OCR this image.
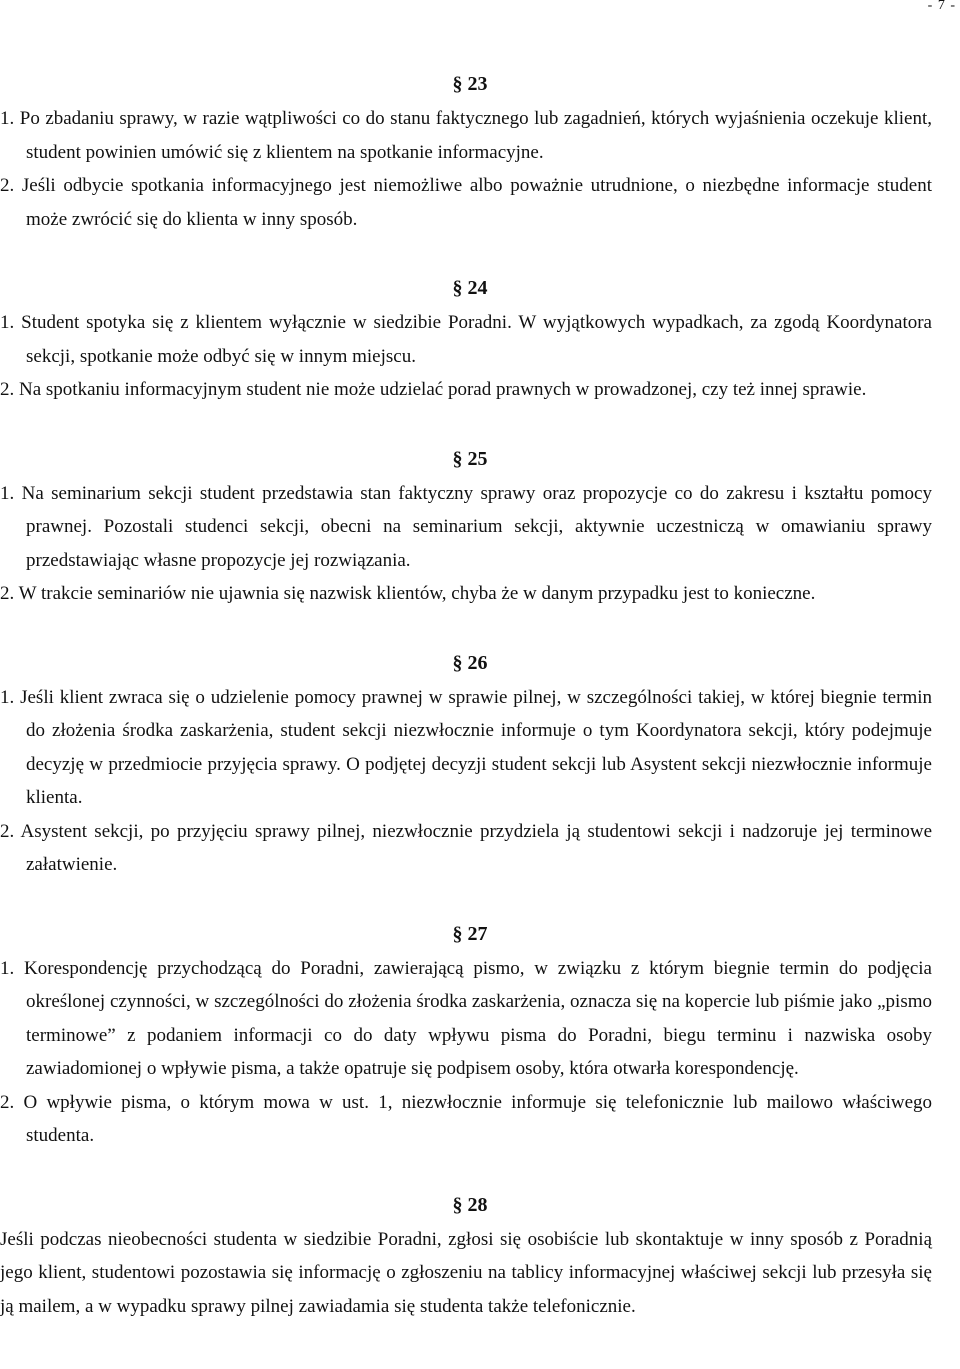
- 7 -

§ 23

1. Po zbadaniu sprawy, w razie wątpliwości co do stanu faktycznego lub zagadnień, których wyjaśnienia oczekuje klient, student powinien umówić się z klientem na spotkanie informacyjne.

2. Jeśli odbycie spotkania informacyjnego jest niemożliwe albo poważnie utrudnione, o niezbędne informacje student może zwrócić się do klienta w inny sposób.

§ 24

1. Student spotyka się z klientem wyłącznie w siedzibie Poradni. W wyjątkowych wypadkach, za zgodą Koordynatora sekcji, spotkanie może odbyć się w innym miejscu.

2. Na spotkaniu informacyjnym student nie może udzielać porad prawnych w prowadzonej, czy też innej sprawie.

§ 25

1. Na seminarium sekcji student przedstawia stan faktyczny sprawy oraz propozycje co do zakresu i kształtu pomocy prawnej. Pozostali studenci sekcji, obecni na seminarium sekcji, aktywnie uczestniczą w omawianiu sprawy przedstawiając własne propozycje jej rozwiązania.

2. W trakcie seminariów nie ujawnia się nazwisk klientów, chyba że w danym przypadku jest to konieczne.

§ 26

1. Jeśli klient zwraca się o udzielenie pomocy prawnej w sprawie pilnej, w szczególności takiej, w której biegnie termin do złożenia środka zaskarżenia, student sekcji niezwłocznie informuje o tym Koordynatora sekcji, który podejmuje decyzję w przedmiocie przyjęcia sprawy. O podjętej decyzji student sekcji lub Asystent sekcji niezwłocznie informuje klienta.

2. Asystent sekcji, po przyjęciu sprawy pilnej, niezwłocznie przydziela ją studentowi sekcji i nadzoruje jej terminowe załatwienie.

§ 27

1. Korespondencję przychodzącą do Poradni, zawierającą pismo, w związku z którym biegnie termin do podjęcia określonej czynności, w szczególności do złożenia środka zaskarżenia, oznacza się na kopercie lub piśmie jako „pismo terminowe” z podaniem informacji co do daty wpływu pisma do Poradni, biegu terminu i nazwiska osoby zawiadomionej o wpływie pisma, a także opatruje się podpisem osoby, która otwarła korespondencję.

2. O wpływie pisma, o którym mowa w ust. 1, niezwłocznie informuje się telefonicznie lub mailowo właściwego studenta.

§ 28

Jeśli podczas nieobecności studenta w siedzibie Poradni, zgłosi się osobiście lub skontaktuje w inny sposób z Poradnią jego klient, studentowi pozostawia się informację o zgłoszeniu na tablicy informacyjnej właściwej sekcji lub przesyła się ją mailem, a w wypadku sprawy pilnej zawiadamia się studenta także telefonicznie.
